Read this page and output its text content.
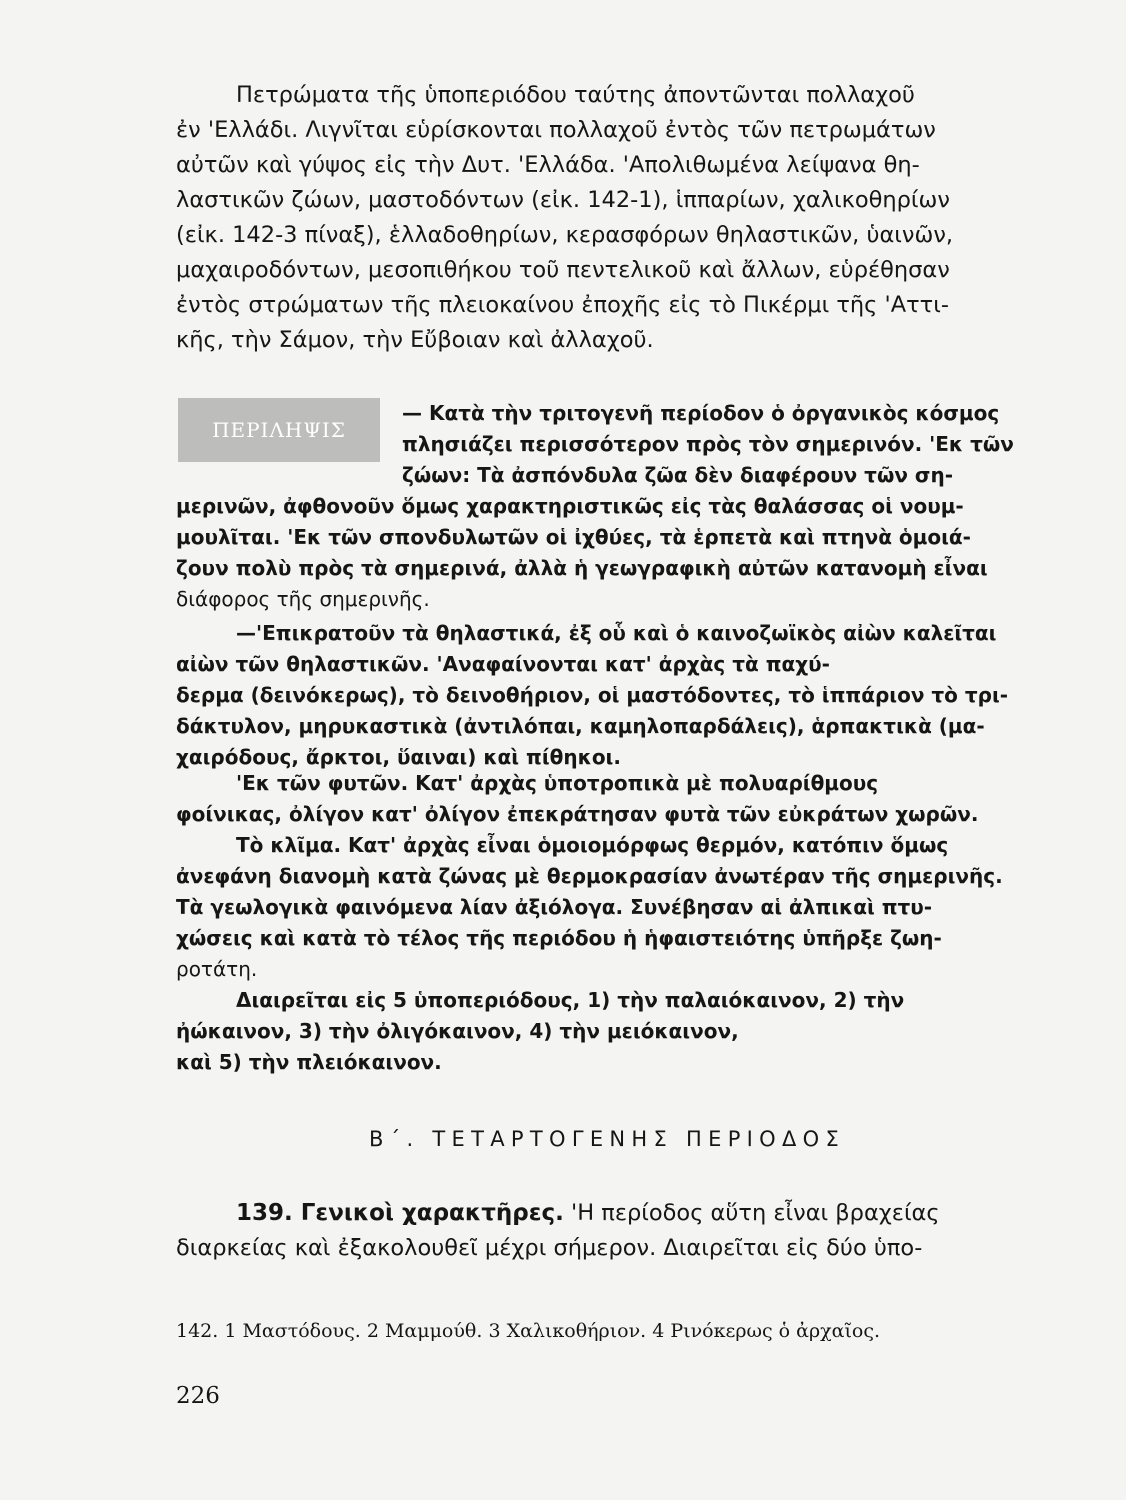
Πετρώματα τῆς ὑποπεριόδου ταύτης ἀποντῶνται πολλαχοῦ

ἐν 'Ελλάδι. Λιγνῖται εὑρίσκονται πολλαχοῦ ἐντὸς τῶν πετρωμάτων

αὐτῶν καὶ γύψος εἰς τὴν Δυτ. 'Ελλάδα. 'Απολιθωμένα λείψανα θη-

λαστικῶν ζώων, μαστοδόντων (εἰκ. 142-1), ἱππαρίων, χαλικοθηρίων

(εἰκ. 142-3 πίναξ), ἑλλαδοθηρίων, κερασφόρων θηλαστικῶν, ὑαινῶν,

μαχαιροδόντων, μεσοπιθήκου τοῦ πεντελικοῦ καὶ ἄλλων, εὑρέθησαν

ἐντὸς στρώματων τῆς πλειοκαίνου ἐποχῆς εἰς τὸ Πικέρμι τῆς 'Αττι-

κῆς, τὴν Σάμον, τὴν Εὔβοιαν καὶ ἀλλαχοῦ.

ΠΕΡΙΛΗΨΙΣ

— Κατὰ τὴν τριτογενῆ περίοδον ὁ ὀργανικὸς κόσμος

πλησιάζει περισσότερον πρὸς τὸν σημερινόν. 'Εκ τῶν

ζώων: Τὰ ἀσπόνδυλα ζῶα δὲν διαφέρουν τῶν ση-

μερινῶν, ἀφθονοῦν ὅμως χαρακτηριστικῶς εἰς τὰς θαλάσσας οἱ νουμ-

μουλῖται. 'Εκ τῶν σπονδυλωτῶν οἱ ἰχθύες, τὰ ἑρπετὰ καὶ πτηνὰ ὁμοιά-

ζουν πολὺ πρὸς τὰ σημερινά, ἀλλὰ ἡ γεωγραφικὴ αὐτῶν κατανομὴ εἶναι

διάφορος τῆς σημερινῆς.

—'Επικρατοῦν τὰ θηλαστικά, ἐξ οὗ καὶ ὁ καινοζωϊκὸς αἰὼν καλεῖται

αἰὼν τῶν θηλαστικῶν. 'Αναφαίνονται κατ' ἀρχὰς τὰ παχύ-

δερμα (δεινόκερως), τὸ δεινοθήριον, οἱ μαστόδοντες, τὸ ἱππάριον τὸ τρι-

δάκτυλον, μηρυκαστικὰ (ἀντιλόπαι, καμηλοπαρδάλεις), ἁρπακτικὰ (μα-

χαιρόδους, ἄρκτοι, ὕαιναι) καὶ πίθηκοι.

'Εκ τῶν φυτῶν. Κατ' ἀρχὰς ὑποτροπικὰ μὲ πολυαρίθμους

φοίνικας, ὀλίγον κατ' ὀλίγον ἐπεκράτησαν φυτὰ τῶν εὐκράτων χωρῶν.

Τὸ κλῖμα. Κατ' ἀρχὰς εἶναι ὁμοιομόρφως θερμόν, κατόπιν ὅμως

ἀνεφάνη διανομὴ κατὰ ζώνας μὲ θερμοκρασίαν ἀνωτέραν τῆς σημερινῆς.

Τὰ γεωλογικὰ φαινόμενα λίαν ἀξιόλογα. Συνέβησαν αἱ ἀλπικαὶ πτυ-

χώσεις καὶ κατὰ τὸ τέλος τῆς περιόδου ἡ ἡφαιστειότης ὑπῆρξε ζωη-

ροτάτη.

Διαιρεῖται εἰς 5 ὑποπεριόδους, 1) τὴν παλαιόκαινον, 2) τὴν

ἠώκαινον, 3) τὴν ὀλιγόκαινον, 4) τὴν μειόκαινον,

καὶ 5) τὴν πλειόκαινον.

Β΄. ΤΕΤΑΡΤΟΓΕΝΗΣ ΠΕΡΙΟΔΟΣ

139. Γενικοὶ χαρακτῆρες. 'Η περίοδος αὕτη εἶναι βραχείας

διαρκείας καὶ ἐξακολουθεῖ μέχρι σήμερον. Διαιρεῖται εἰς δύο ὑπο-

142. 1 Μαστόδους. 2 Μαμμούθ. 3 Χαλικοθήριον. 4 Ρινόκερως ὁ ἀρχαῖος.
226
